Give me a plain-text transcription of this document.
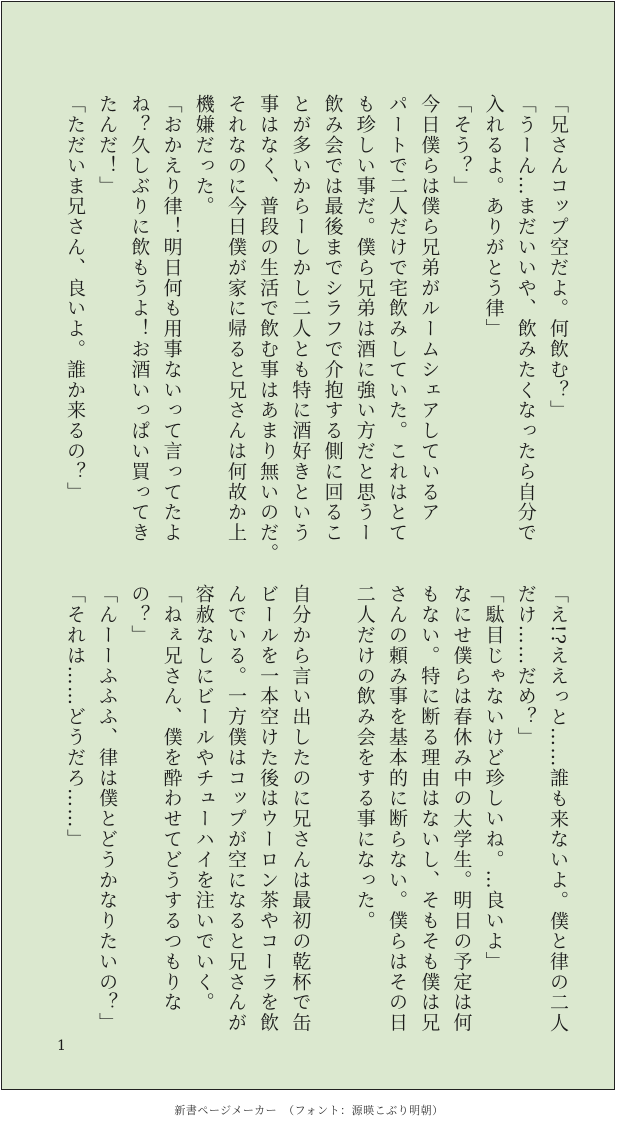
「兄さんコップ空だよ。何飲む？」
「うーん…まだいいや、飲みたくなったら自分で
入れるよ。ありがとう律」
「そう？」
今日僕らは僕ら兄弟がルームシェアしているア
パートで二人だけで宅飲みしていた。これはとて
も珍しい事だ。僕ら兄弟は酒に強い方だと思うー
飲み会では最後までシラフで介抱する側に回るこ
とが多いからーしかし二人とも特に酒好きという
事はなく、普段の生活で飲む事はあまり無いのだ。
それなのに今日僕が家に帰ると兄さんは何故か上
機嫌だった。
「おかえり律！明日何も用事ないって言ってたよ
ね？久しぶりに飲もうよ！お酒いっぱい買ってき
たんだ！」
「ただいま兄さん、良いよ。誰か来るの？」
「え!?ええっと……誰も来ないよ。僕と律の二人
だけ……だめ？」
「駄目じゃないけど珍しいね。…良いよ」
なにせ僕らは春休み中の大学生。明日の予定は何
もない。特に断る理由はないし、そもそも僕は兄
さんの頼み事を基本的に断らない。僕らはその日
二人だけの飲み会をする事になった。

自分から言い出したのに兄さんは最初の乾杯で缶
ビールを一本空けた後はウーロン茶やコーラを飲
んでいる。一方僕はコップが空になると兄さんが
容赦なしにビールやチューハイを注いでいく。
「ねぇ兄さん、僕を酔わせてどうするつもりな
の？」
「んーーふふふ、律は僕とどうかなりたいの？」
「それは……どうだろ……」
1
新書ページメーカー　（フォント：源暎こぶり明朝）
